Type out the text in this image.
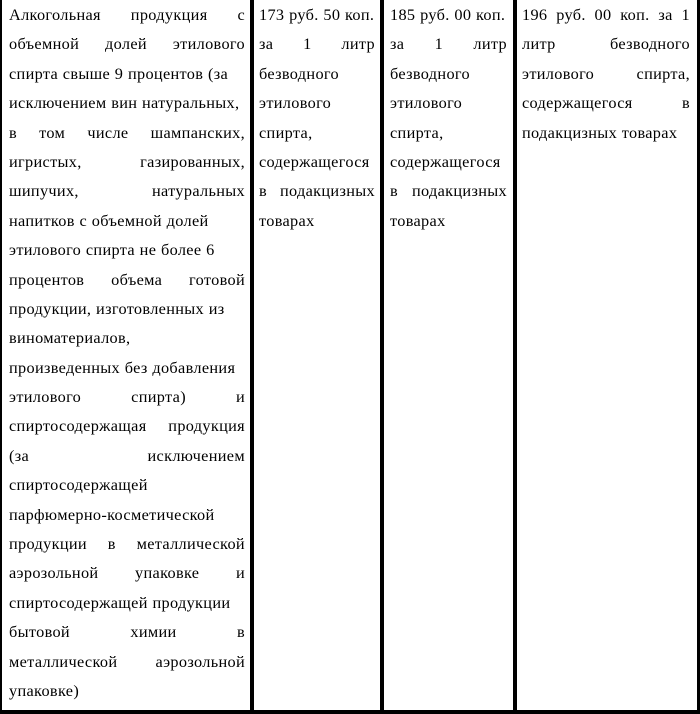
Алкогольная продукция с
объемной долей этилового
спирта свыше 9 процентов (за
исключением вин натуральных,
в том числе шампанских,
игристых,	газированных,
шипучих,	натуральных
напитков с объемной долей
этилового спирта не более 6
процентов объема готовой
продукции, изготовленных из
виноматериалов,
произведенных без добавления
этилового	спирта)	и
спиртосодержащая продукция
(за	исключением
спиртосодержащей
парфюмерно-косметической
продукции в металлической
аэрозольной упаковке и
спиртосодержащей продукции
бытовой	химии	в
металлической аэрозольной
упаковке)
173 руб. 50 коп.
за 1 литр
безводного
этилового
спирта,
содержащегося
в подакцизных
товарах
185 руб. 00 коп.
за 1 литр
безводного
этилового
спирта,
содержащегося
в подакцизных
товарах
196 руб. 00 коп. за 1
литр	безводного
этилового	спирта,
содержащегося	в
подакцизных товарах
